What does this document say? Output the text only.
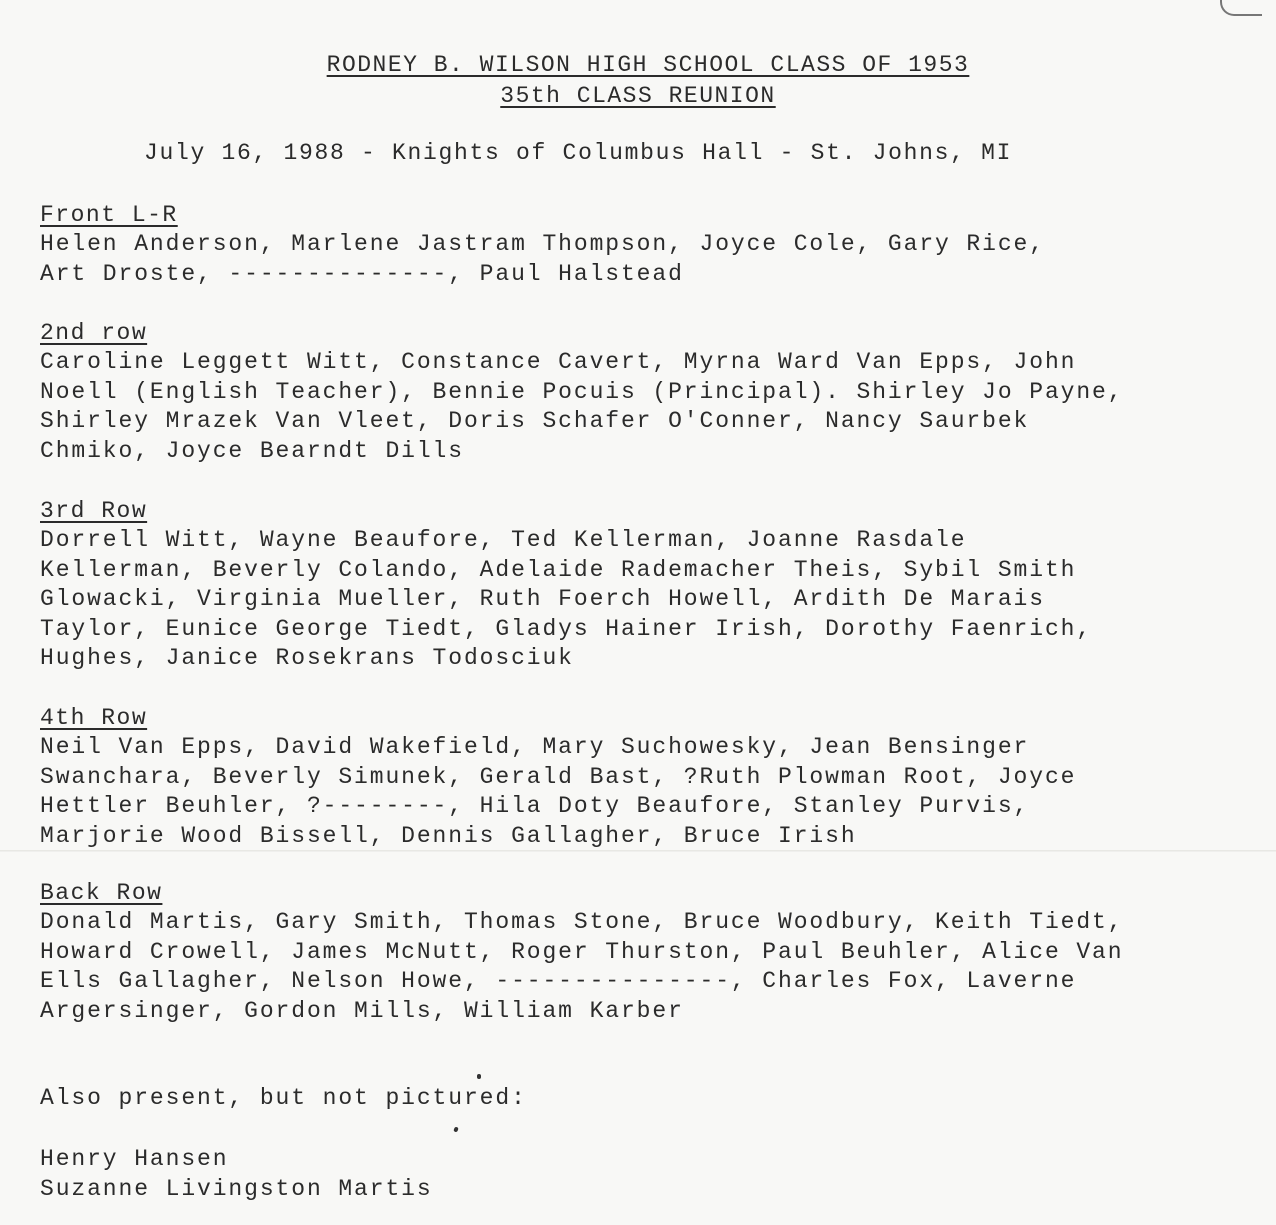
RODNEY B. WILSON HIGH SCHOOL CLASS OF 1953
35th CLASS REUNION
July 16, 1988 - Knights of Columbus Hall - St. Johns, MI
Front L-R
Helen Anderson, Marlene Jastram Thompson, Joyce Cole, Gary Rice,
Art Droste, --------------, Paul Halstead
2nd row
Caroline Leggett Witt, Constance Cavert, Myrna Ward Van Epps, John
Noell (English Teacher), Bennie Pocuis (Principal). Shirley Jo Payne,
Shirley Mrazek Van Vleet, Doris Schafer O'Conner, Nancy Saurbek
Chmiko, Joyce Bearndt Dills
3rd Row
Dorrell Witt, Wayne Beaufore, Ted Kellerman, Joanne Rasdale
Kellerman, Beverly Colando, Adelaide Rademacher Theis, Sybil Smith
Glowacki, Virginia Mueller, Ruth Foerch Howell, Ardith De Marais
Taylor, Eunice George Tiedt, Gladys Hainer Irish, Dorothy Faenrich,
Hughes, Janice Rosekrans Todosciuk
4th Row
Neil Van Epps, David Wakefield, Mary Suchowesky, Jean Bensinger
Swanchara, Beverly Simunek, Gerald Bast, ?Ruth Plowman Root, Joyce
Hettler Beuhler, ?--------, Hila Doty Beaufore, Stanley Purvis,
Marjorie Wood Bissell, Dennis Gallagher, Bruce Irish
Back Row
Donald Martis, Gary Smith, Thomas Stone, Bruce Woodbury, Keith Tiedt,
Howard Crowell, James McNutt, Roger Thurston, Paul Beuhler, Alice Van
Ells Gallagher, Nelson Howe, ---------------, Charles Fox, Laverne
Argersinger, Gordon Mills, William Karber
Also present, but not pictured:
Henry Hansen
Suzanne Livingston Martis
